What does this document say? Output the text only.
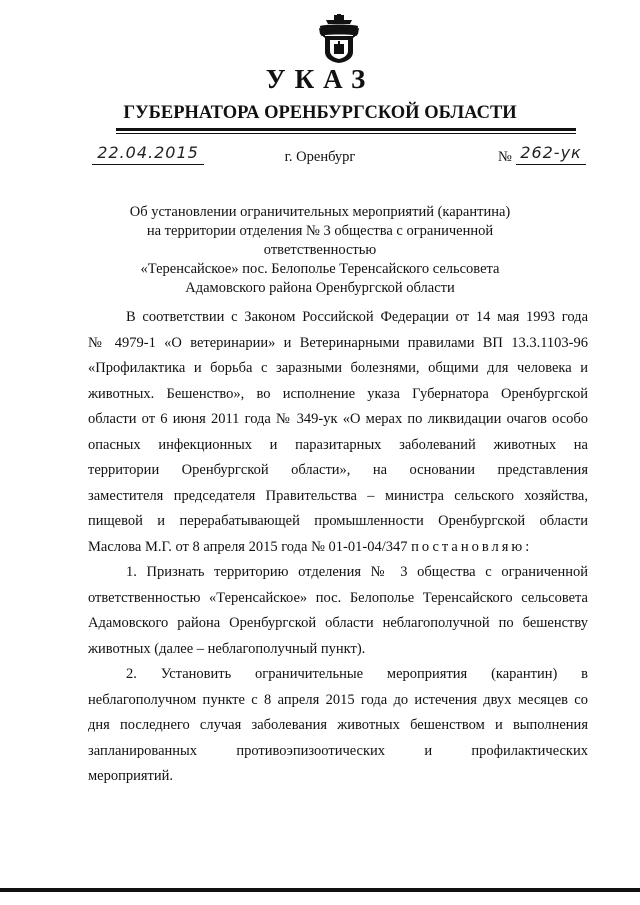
УКАЗ
ГУБЕРНАТОРА ОРЕНБУРГСКОЙ ОБЛАСТИ
22.04.2015	г. Оренбург	№ 262-ук
Об установлении ограничительных мероприятий (карантина)
на территории отделения № 3 общества с ограниченной ответственностью
«Теренсайское» пос. Белополье Теренсайского сельсовета
Адамовского района Оренбургской области
В соответствии с Законом Российской Федерации от 14 мая 1993 года
№ 4979-1 «О ветеринарии» и Ветеринарными правилами ВП 13.3.1103-96
«Профилактика и борьба с заразными болезнями, общими для человека и
животных. Бешенство», во исполнение указа Губернатора Оренбургской
области от 6 июня 2011 года № 349-ук «О мерах по ликвидации очагов особо
опасных инфекционных и паразитарных заболеваний животных на
территории Оренбургской области», на основании представления
заместителя председателя Правительства – министра сельского хозяйства,
пищевой и перерабатывающей промышленности Оренбургской области
Маслова М.Г. от 8 апреля 2015 года № 01-01-04/347 постановляю:
1. Признать территорию отделения № 3 общества с ограниченной
ответственностью «Теренсайское» пос. Белополье Теренсайского сельсовета
Адамовского района Оренбургской области неблагополучной по бешенству
животных (далее – неблагополучный пункт).
2. Установить ограничительные мероприятия (карантин) в
неблагополучном пункте с 8 апреля 2015 года до истечения двух месяцев со
дня последнего случая заболевания животных бешенством и выполнения
запланированных противоэпизоотических и профилактических
мероприятий.
